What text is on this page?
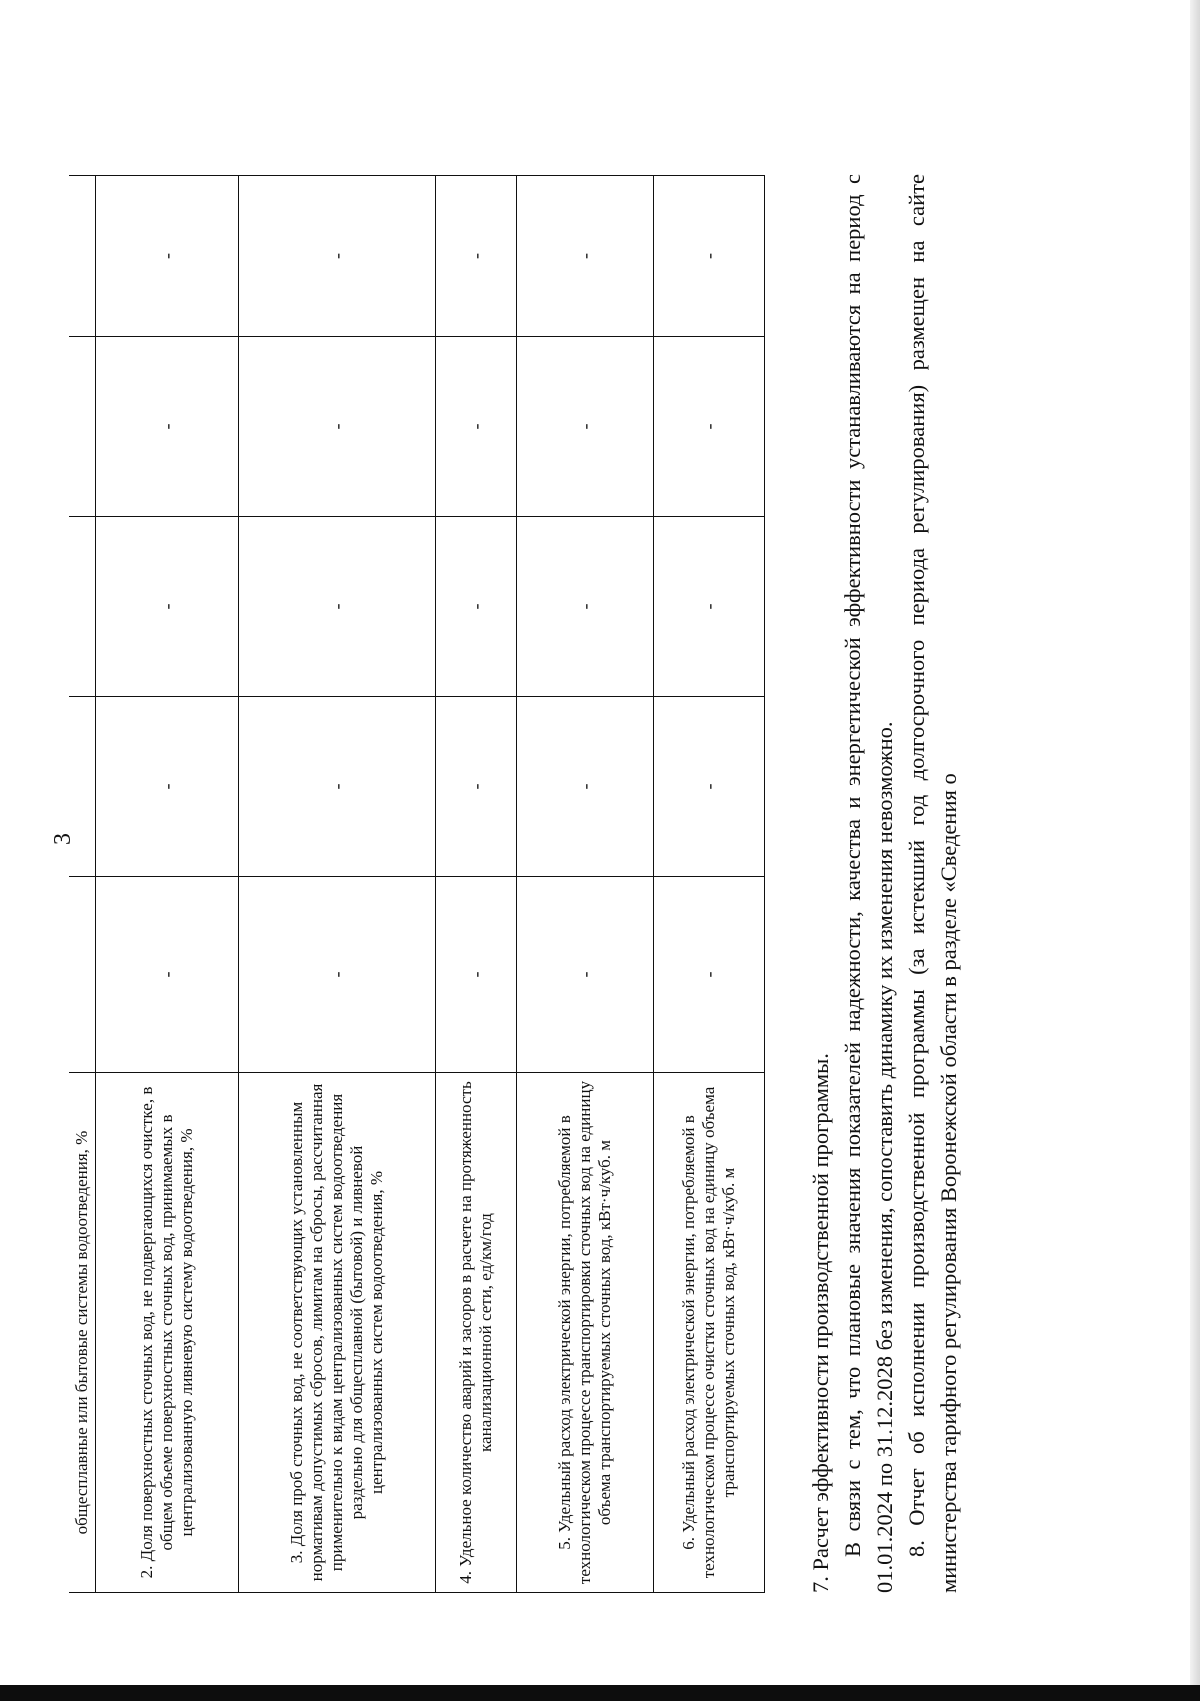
3
общесплавные или бытовые системы водоотведения, %					
2. Доля поверхностных сточных вод, не подвергающихся очистке, в общем объеме поверхностных сточных вод, принимаемых в централизованную ливневую систему водоотведения, %	-	-	-	-	-
3. Доля проб сточных вод, не соответствующих установленным нормативам допустимых сбросов, лимитам на сбросы, рассчитанная применительно к видам централизованных систем водоотведения раздельно для общесплавной (бытовой) и ливневой централизованных систем водоотведения, %	-	-	-	-	-
4. Удельное количество аварий и засоров в расчете на протяженность канализационной сети, ед/км/год	-	-	-	-	-
5. Удельный расход электрической энергии, потребляемой в технологическом процессе транспортировки сточных вод на единицу объема транспортируемых сточных вод, кВт·ч/куб. м	-	-	-	-	-
6. Удельный расход электрической энергии, потребляемой в технологическом процессе очистки сточных вод на единицу объема транспортируемых сточных вод, кВт·ч/куб. м	-	-	-	-	-

7. Расчет эффективности производственной программы. В связи с тем, что плановые значения показателей надежности, качества и энергетической эффективности устанавливаются на период с 01.01.2024 по 31.12.2028 без изменения, сопоставить динамику их изменения невозможно. 8. Отчет об исполнении производственной программы (за истекший год долгосрочного периода регулирования) размещен на сайте министерства тарифного регулирования Воронежской области в разделе «Сведения о
